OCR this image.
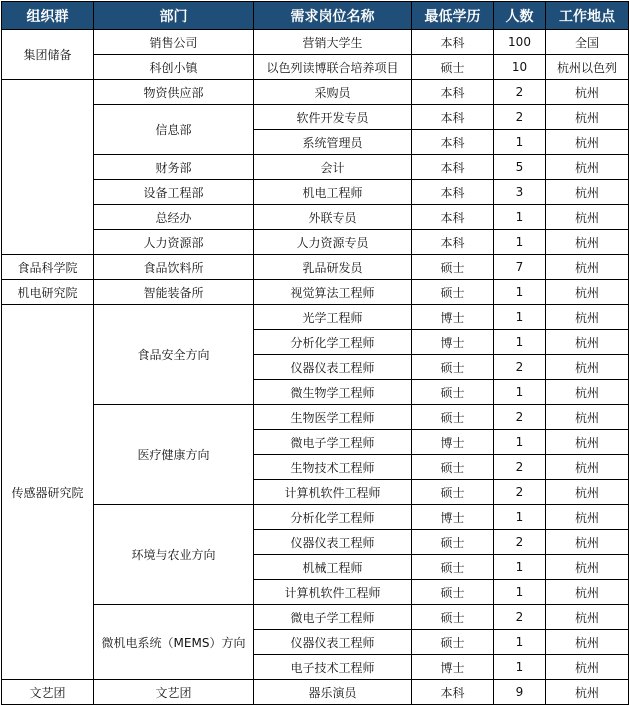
组织群	部门	需求岗位名称	最低学历	人数	工作地点
集团储备	销售公司	营销大学生	本科	100	全国
	科创小镇	以色列读博联合培养项目	硕士	10	杭州以色列
	物资供应部	采购员	本科	2	杭州
	信息部	软件开发专员	本科	2	杭州
		系统管理员	本科	1	杭州
	财务部	会计	本科	5	杭州
	设备工程部	机电工程师	本科	3	杭州
	总经办	外联专员	本科	1	杭州
	人力资源部	人力资源专员	本科	1	杭州
食品科学院	食品饮料所	乳品研发员	硕士	7	杭州
机电研究院	智能装备所	视觉算法工程师	硕士	1	杭州
传感器研究院	食品安全方向	光学工程师	博士	1	杭州
		分析化学工程师	博士	1	杭州
		仪器仪表工程师	硕士	2	杭州
		微生物学工程师	硕士	1	杭州
	医疗健康方向	生物医学工程师	硕士	2	杭州
		微电子学工程师	博士	1	杭州
		生物技术工程师	硕士	2	杭州
		计算机软件工程师	硕士	2	杭州
	环境与农业方向	分析化学工程师	博士	1	杭州
		仪器仪表工程师	硕士	2	杭州
		机械工程师	硕士	1	杭州
		计算机软件工程师	硕士	1	杭州
	微机电系统（MEMS）方向	微电子学工程师	硕士	2	杭州
		仪器仪表工程师	硕士	1	杭州
		电子技术工程师	博士	1	杭州
文艺团	文艺团	器乐演员	本科	9	杭州
